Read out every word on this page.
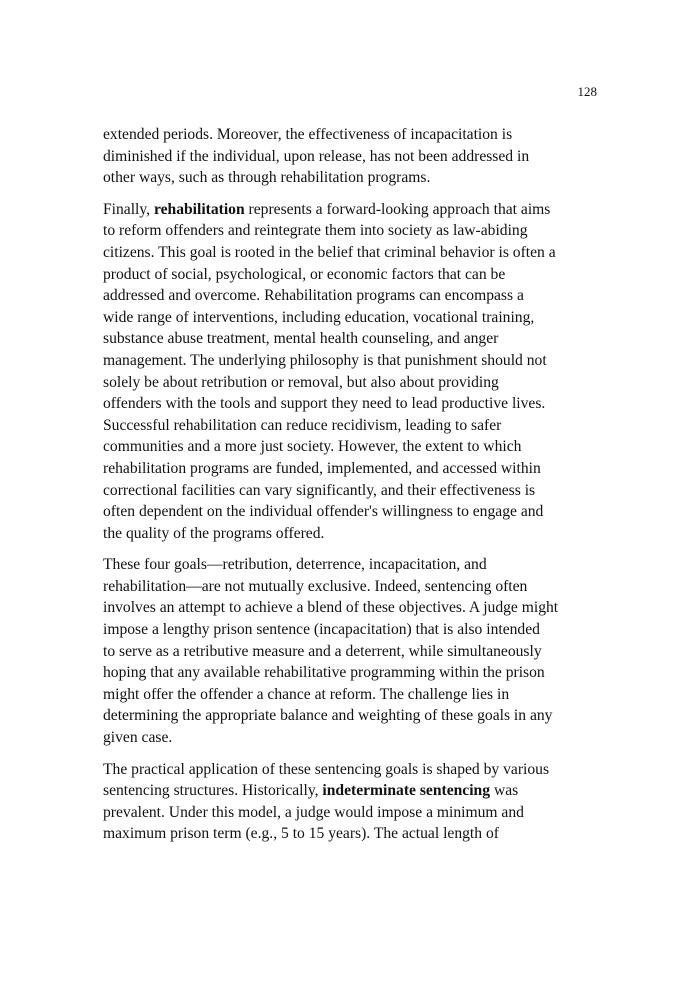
128

extended periods. Moreover, the effectiveness of incapacitation is
diminished if the individual, upon release, has not been addressed in
other ways, such as through rehabilitation programs.

Finally, rehabilitation represents a forward-looking approach that aims
to reform offenders and reintegrate them into society as law-abiding
citizens. This goal is rooted in the belief that criminal behavior is often a
product of social, psychological, or economic factors that can be
addressed and overcome. Rehabilitation programs can encompass a
wide range of interventions, including education, vocational training,
substance abuse treatment, mental health counseling, and anger
management. The underlying philosophy is that punishment should not
solely be about retribution or removal, but also about providing
offenders with the tools and support they need to lead productive lives.
Successful rehabilitation can reduce recidivism, leading to safer
communities and a more just society. However, the extent to which
rehabilitation programs are funded, implemented, and accessed within
correctional facilities can vary significantly, and their effectiveness is
often dependent on the individual offender's willingness to engage and
the quality of the programs offered.

These four goals—retribution, deterrence, incapacitation, and
rehabilitation—are not mutually exclusive. Indeed, sentencing often
involves an attempt to achieve a blend of these objectives. A judge might
impose a lengthy prison sentence (incapacitation) that is also intended
to serve as a retributive measure and a deterrent, while simultaneously
hoping that any available rehabilitative programming within the prison
might offer the offender a chance at reform. The challenge lies in
determining the appropriate balance and weighting of these goals in any
given case.

The practical application of these sentencing goals is shaped by various
sentencing structures. Historically, indeterminate sentencing was
prevalent. Under this model, a judge would impose a minimum and
maximum prison term (e.g., 5 to 15 years). The actual length of
